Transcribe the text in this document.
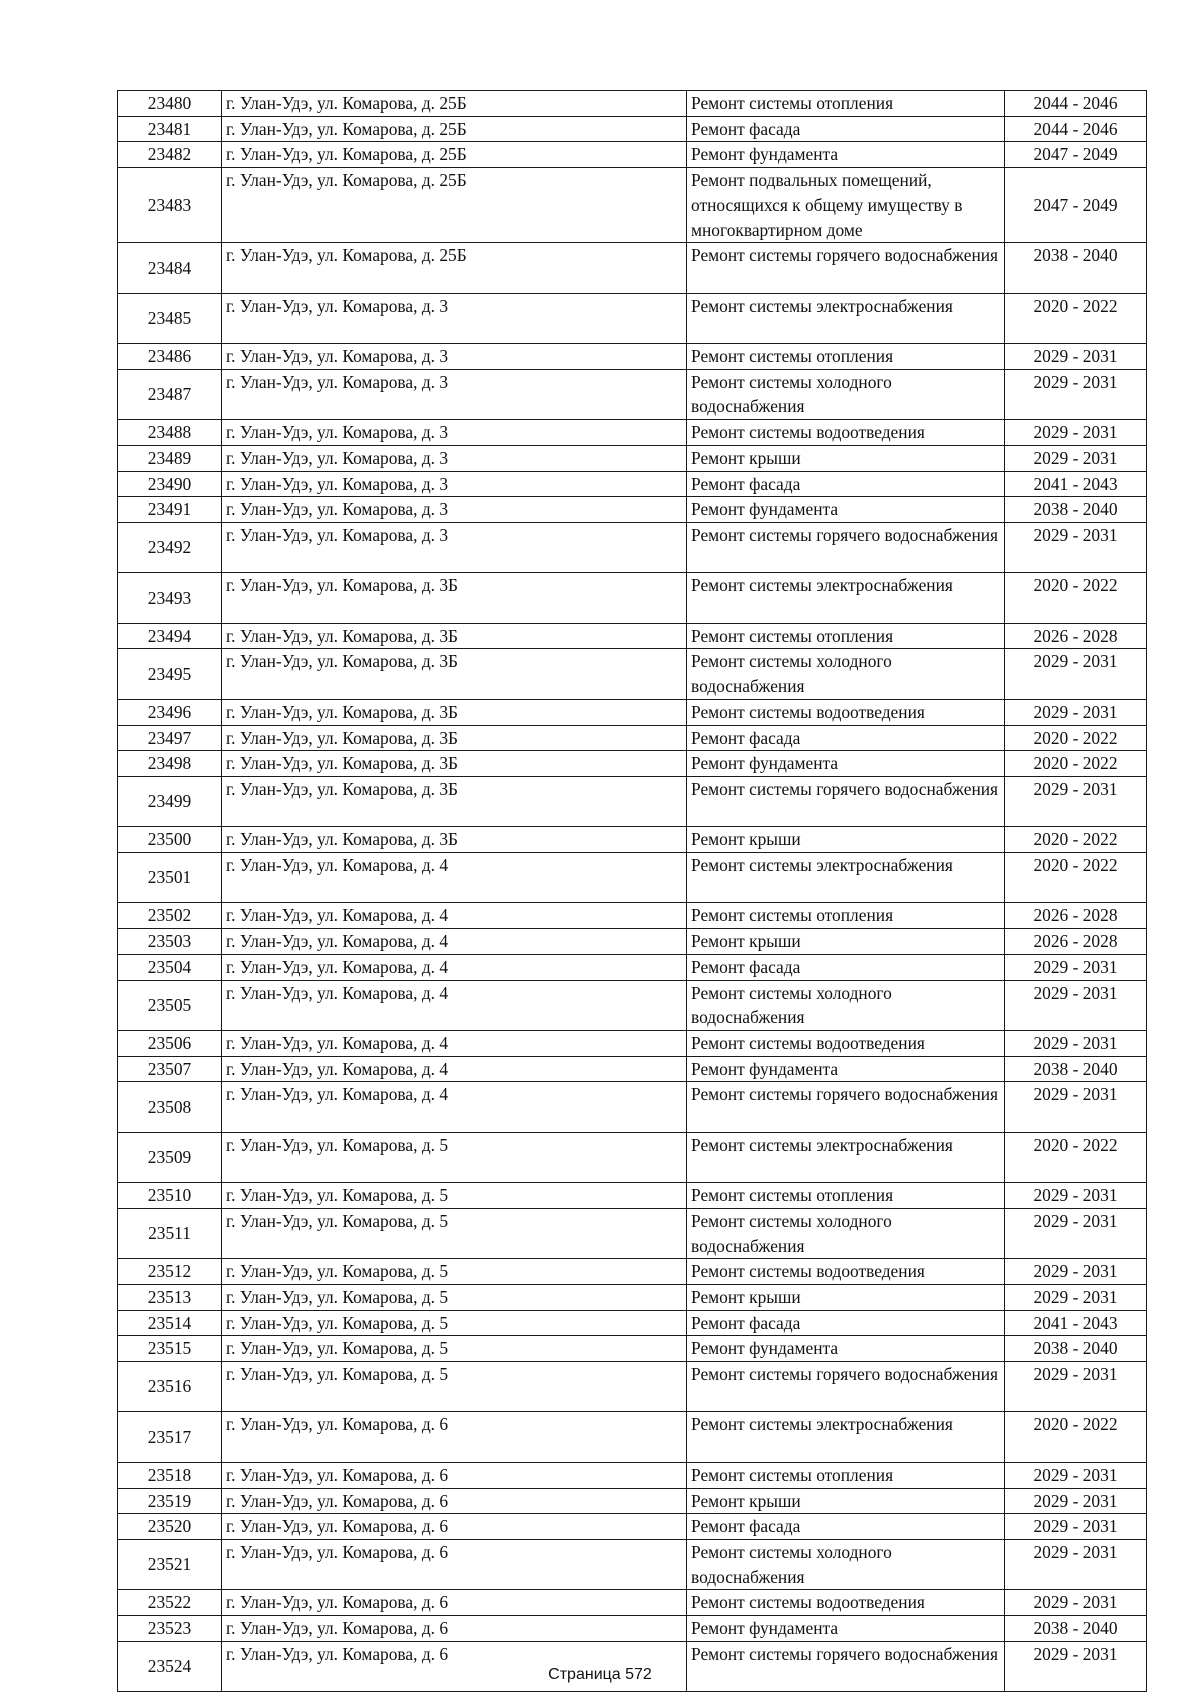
23480	г. Улан-Удэ, ул. Комарова, д. 25Б	Ремонт системы отопления	2044 - 2046
23481	г. Улан-Удэ, ул. Комарова, д. 25Б	Ремонт фасада	2044 - 2046
23482	г. Улан-Удэ, ул. Комарова, д. 25Б	Ремонт фундамента	2047 - 2049
23483	г. Улан-Удэ, ул. Комарова, д. 25Б	Ремонт подвальных помещений, относящихся к общему имуществу в многоквартирном доме	2047 - 2049
23484	г. Улан-Удэ, ул. Комарова, д. 25Б	Ремонт системы горячего водоснабжения	2038 - 2040
23485	г. Улан-Удэ, ул. Комарова, д. 3	Ремонт системы электроснабжения	2020 - 2022
23486	г. Улан-Удэ, ул. Комарова, д. 3	Ремонт системы отопления	2029 - 2031
23487	г. Улан-Удэ, ул. Комарова, д. 3	Ремонт системы холодного водоснабжения	2029 - 2031
23488	г. Улан-Удэ, ул. Комарова, д. 3	Ремонт системы водоотведения	2029 - 2031
23489	г. Улан-Удэ, ул. Комарова, д. 3	Ремонт крыши	2029 - 2031
23490	г. Улан-Удэ, ул. Комарова, д. 3	Ремонт фасада	2041 - 2043
23491	г. Улан-Удэ, ул. Комарова, д. 3	Ремонт фундамента	2038 - 2040
23492	г. Улан-Удэ, ул. Комарова, д. 3	Ремонт системы горячего водоснабжения	2029 - 2031
23493	г. Улан-Удэ, ул. Комарова, д. 3Б	Ремонт системы электроснабжения	2020 - 2022
23494	г. Улан-Удэ, ул. Комарова, д. 3Б	Ремонт системы отопления	2026 - 2028
23495	г. Улан-Удэ, ул. Комарова, д. 3Б	Ремонт системы холодного водоснабжения	2029 - 2031
23496	г. Улан-Удэ, ул. Комарова, д. 3Б	Ремонт системы водоотведения	2029 - 2031
23497	г. Улан-Удэ, ул. Комарова, д. 3Б	Ремонт фасада	2020 - 2022
23498	г. Улан-Удэ, ул. Комарова, д. 3Б	Ремонт фундамента	2020 - 2022
23499	г. Улан-Удэ, ул. Комарова, д. 3Б	Ремонт системы горячего водоснабжения	2029 - 2031
23500	г. Улан-Удэ, ул. Комарова, д. 3Б	Ремонт крыши	2020 - 2022
23501	г. Улан-Удэ, ул. Комарова, д. 4	Ремонт системы электроснабжения	2020 - 2022
23502	г. Улан-Удэ, ул. Комарова, д. 4	Ремонт системы отопления	2026 - 2028
23503	г. Улан-Удэ, ул. Комарова, д. 4	Ремонт крыши	2026 - 2028
23504	г. Улан-Удэ, ул. Комарова, д. 4	Ремонт фасада	2029 - 2031
23505	г. Улан-Удэ, ул. Комарова, д. 4	Ремонт системы холодного водоснабжения	2029 - 2031
23506	г. Улан-Удэ, ул. Комарова, д. 4	Ремонт системы водоотведения	2029 - 2031
23507	г. Улан-Удэ, ул. Комарова, д. 4	Ремонт фундамента	2038 - 2040
23508	г. Улан-Удэ, ул. Комарова, д. 4	Ремонт системы горячего водоснабжения	2029 - 2031
23509	г. Улан-Удэ, ул. Комарова, д. 5	Ремонт системы электроснабжения	2020 - 2022
23510	г. Улан-Удэ, ул. Комарова, д. 5	Ремонт системы отопления	2029 - 2031
23511	г. Улан-Удэ, ул. Комарова, д. 5	Ремонт системы холодного водоснабжения	2029 - 2031
23512	г. Улан-Удэ, ул. Комарова, д. 5	Ремонт системы водоотведения	2029 - 2031
23513	г. Улан-Удэ, ул. Комарова, д. 5	Ремонт крыши	2029 - 2031
23514	г. Улан-Удэ, ул. Комарова, д. 5	Ремонт фасада	2041 - 2043
23515	г. Улан-Удэ, ул. Комарова, д. 5	Ремонт фундамента	2038 - 2040
23516	г. Улан-Удэ, ул. Комарова, д. 5	Ремонт системы горячего водоснабжения	2029 - 2031
23517	г. Улан-Удэ, ул. Комарова, д. 6	Ремонт системы электроснабжения	2020 - 2022
23518	г. Улан-Удэ, ул. Комарова, д. 6	Ремонт системы отопления	2029 - 2031
23519	г. Улан-Удэ, ул. Комарова, д. 6	Ремонт крыши	2029 - 2031
23520	г. Улан-Удэ, ул. Комарова, д. 6	Ремонт фасада	2029 - 2031
23521	г. Улан-Удэ, ул. Комарова, д. 6	Ремонт системы холодного водоснабжения	2029 - 2031
23522	г. Улан-Удэ, ул. Комарова, д. 6	Ремонт системы водоотведения	2029 - 2031
23523	г. Улан-Удэ, ул. Комарова, д. 6	Ремонт фундамента	2038 - 2040
23524	г. Улан-Удэ, ул. Комарова, д. 6	Ремонт системы горячего водоснабжения	2029 - 2031
Страница 572
